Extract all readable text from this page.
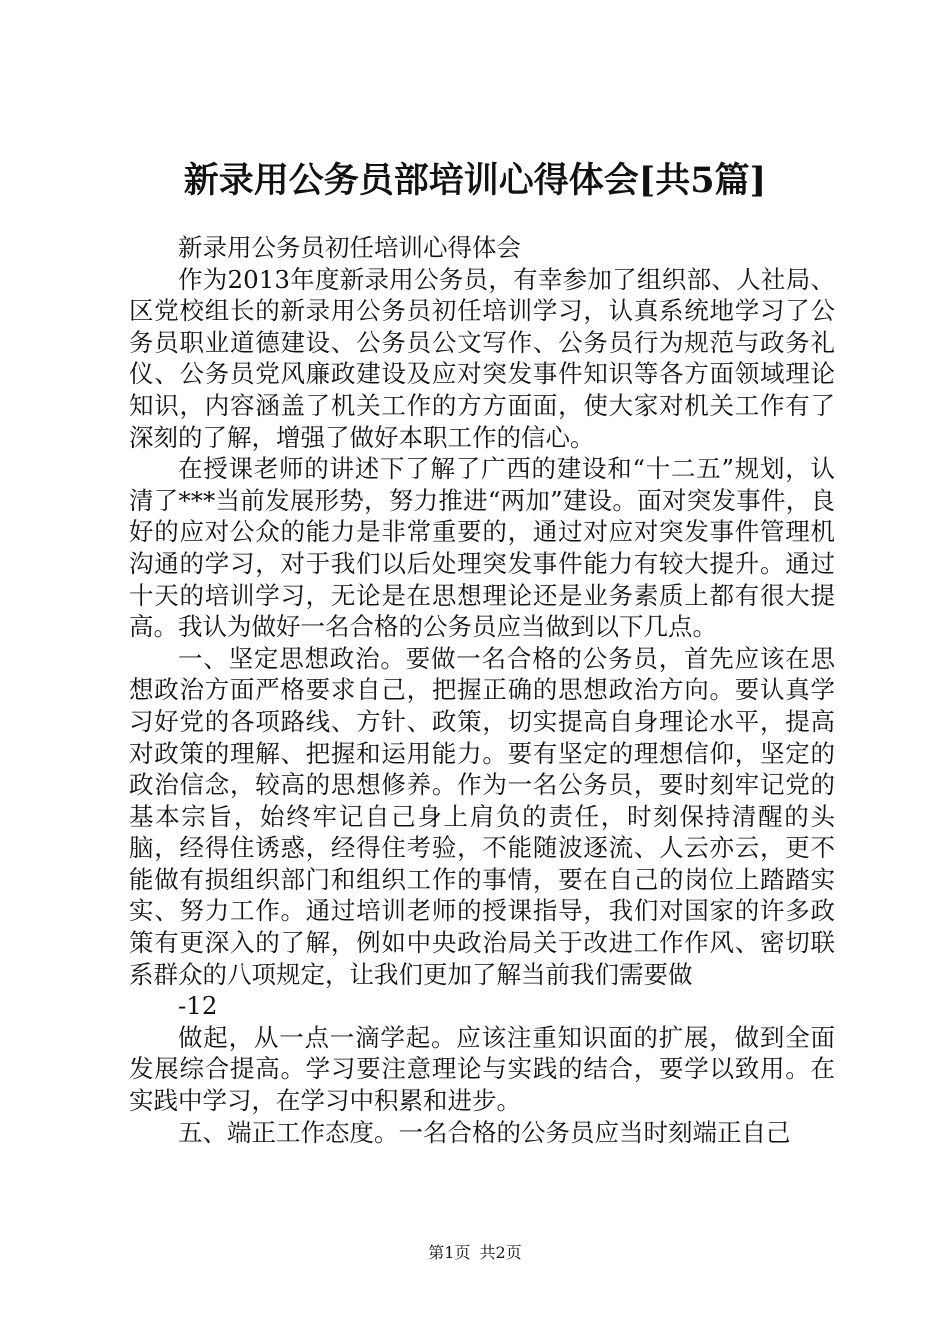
新录用公务员部培训心得体会[共5篇]

新录用公务员初任培训心得体会

作为2013年度新录用公务员，有幸参加了组织部、人社局、区党校组长的新录用公务员初任培训学习，认真系统地学习了公务员职业道德建设、公务员公文写作、公务员行为规范与政务礼仪、公务员党风廉政建设及应对突发事件知识等各方面领域理论知识，内容涵盖了机关工作的方方面面，使大家对机关工作有了深刻的了解，增强了做好本职工作的信心。

在授课老师的讲述下了解了广西的建设和“十二五”规划，认清了***当前发展形势，努力推进“两加”建设。面对突发事件，良好的应对公众的能力是非常重要的，通过对应对突发事件管理机沟通的学习，对于我们以后处理突发事件能力有较大提升。通过十天的培训学习，无论是在思想理论还是业务素质上都有很大提高。我认为做好一名合格的公务员应当做到以下几点。

一、坚定思想政治。要做一名合格的公务员，首先应该在思想政治方面严格要求自己，把握正确的思想政治方向。要认真学习好党的各项路线、方针、政策，切实提高自身理论水平，提高对政策的理解、把握和运用能力。要有坚定的理想信仰，坚定的政治信念，较高的思想修养。作为一名公务员，要时刻牢记党的基本宗旨，始终牢记自己身上肩负的责任，时刻保持清醒的头脑，经得住诱惑，经得住考验，不能随波逐流、人云亦云，更不能做有损组织部门和组织工作的事情，要在自己的岗位上踏踏实实、努力工作。通过培训老师的授课指导，我们对国家的许多政策有更深入的了解，例如中央政治局关于改进工作作风、密切联系群众的八项规定，让我们更加了解当前我们需要做

-12

做起，从一点一滴学起。应该注重知识面的扩展，做到全面发展综合提高。学习要注意理论与实践的结合，要学以致用。在实践中学习，在学习中积累和进步。

五、端正工作态度。一名合格的公务员应当时刻端正自己

第1页 共2页
